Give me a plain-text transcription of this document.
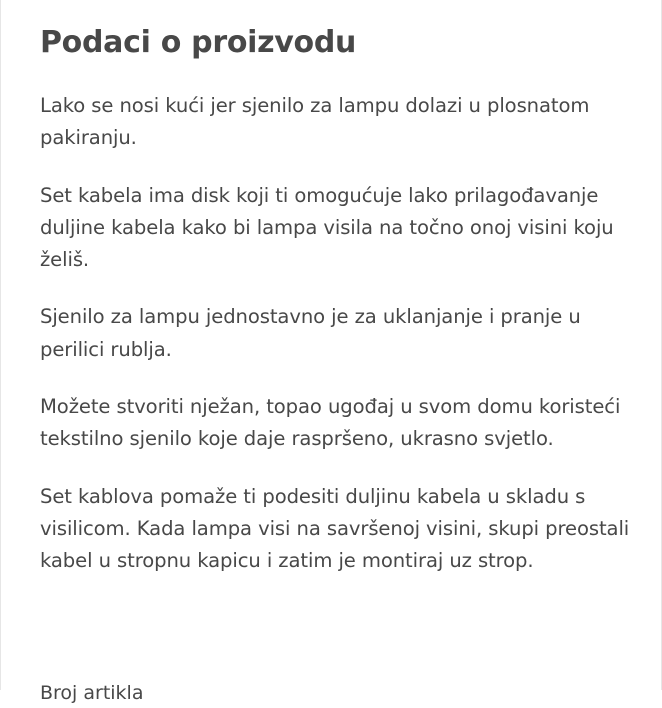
Podaci o proizvodu

Lako se nosi kući jer sjenilo za lampu dolazi u plosnatom pakiranju.

Set kabela ima disk koji ti omogućuje lako prilagođavanje duljine kabela kako bi lampa visila na točno onoj visini koju želiš.

Sjenilo za lampu jednostavno je za uklanjanje i pranje u perilici rublja.

Možete stvoriti nježan, topao ugođaj u svom domu koristeći tekstilno sjenilo koje daje raspršeno, ukrasno svjetlo.

Set kablova pomaže ti podesiti duljinu kabela u skladu s visilicom. Kada lampa visi na savršenoj visini, skupi preostali kabel u stropnu kapicu i zatim je montiraj uz strop.

Broj artikla
